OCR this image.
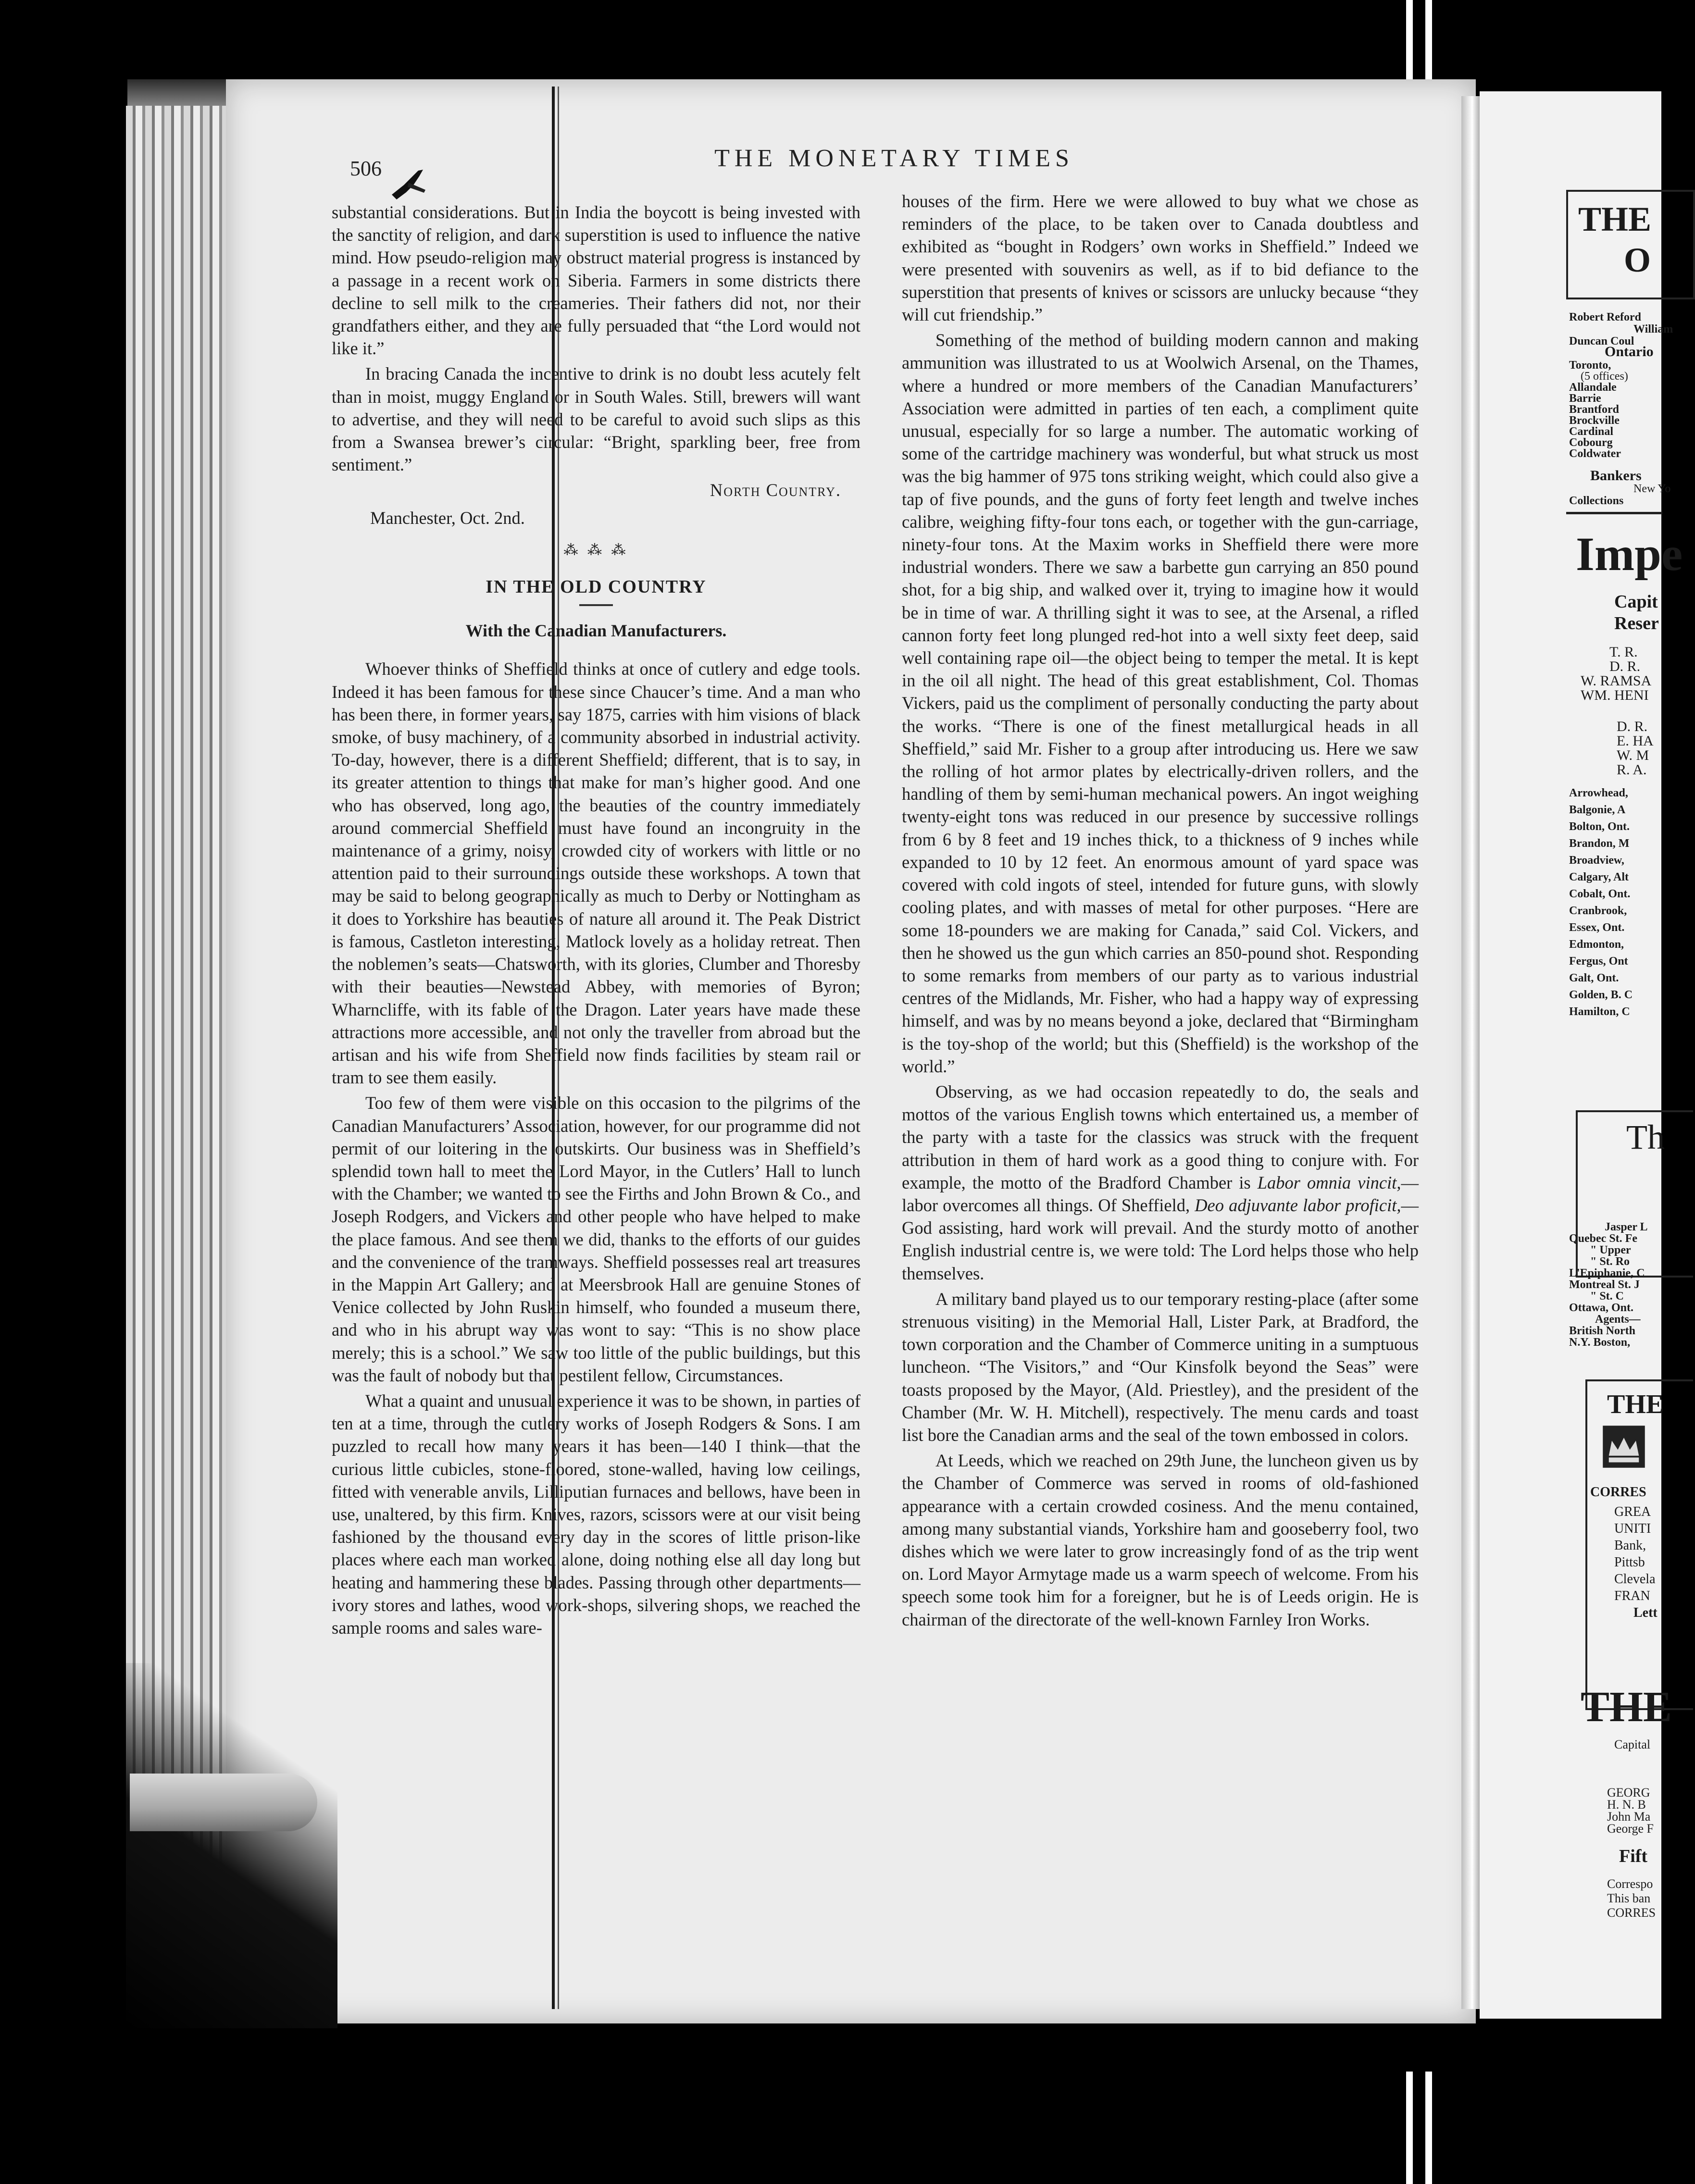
506	THE MONETARY TIMES

substantial considerations. But in India the boycott is being invested with the sanctity of religion, and dark superstition is used to influence the native mind. How pseudo-religion may obstruct material progress is instanced by a passage in a recent work on Siberia. Farmers in some districts there decline to sell milk to the creameries. Their fathers did not, nor their grandfathers either, and they are fully persuaded that “the Lord would not like it.”

In bracing Canada the incentive to drink is no doubt less acutely felt than in moist, muggy England or in South Wales. Still, brewers will want to advertise, and they will need to be careful to avoid such slips as this from a Swansea brewer’s circular: “Bright, sparkling beer, free from sentiment.”

North Country.
Manchester, Oct. 2nd.
⁂ ⁂ ⁂
IN THE OLD COUNTRY
With the Canadian Manufacturers.

Whoever thinks of Sheffield thinks at once of cutlery and edge tools. Indeed it has been famous for these since Chaucer’s time. And a man who has been there, in former years, say 1875, carries with him visions of black smoke, of busy machinery, of a community absorbed in industrial activity. To-day, however, there is a different Sheffield; different, that is to say, in its greater attention to things that make for man’s higher good. And one who has observed, long ago, the beauties of the country immediately around commercial Sheffield must have found an incongruity in the maintenance of a grimy, noisy, crowded city of workers with little or no attention paid to their surroundings outside these workshops. A town that may be said to belong geographically as much to Derby or Nottingham as it does to Yorkshire has beauties of nature all around it. The Peak District is famous, Castleton interesting, Matlock lovely as a holiday retreat. Then the noblemen’s seats—Chatsworth, with its glories, Clumber and Thoresby with their beauties—Newstead Abbey, with memories of Byron; Wharncliffe, with its fable of the Dragon. Later years have made these attractions more accessible, and not only the traveller from abroad but the artisan and his wife from Sheffield now finds facilities by steam rail or tram to see them easily.

Too few of them were visible on this occasion to the pilgrims of the Canadian Manufacturers’ Association, however, for our programme did not permit of our loitering in the outskirts. Our business was in Sheffield’s splendid town hall to meet the Lord Mayor, in the Cutlers’ Hall to lunch with the Chamber; we wanted to see the Firths and John Brown & Co., and Joseph Rodgers, and Vickers and other people who have helped to make the place famous. And see them we did, thanks to the efforts of our guides and the convenience of the tramways. Sheffield possesses real art treasures in the Mappin Art Gallery; and at Meersbrook Hall are genuine Stones of Venice collected by John Ruskin himself, who founded a museum there, and who in his abrupt way was wont to say: “This is no show place merely; this is a school.” We saw too little of the public buildings, but this was the fault of nobody but that pestilent fellow, Circumstances.

What a quaint and unusual experience it was to be shown, in parties of ten at a time, through the cutlery works of Joseph Rodgers & Sons. I am puzzled to recall how many years it has been—140 I think—that the curious little cubicles, stone-floored, stone-walled, having low ceilings, fitted with venerable anvils, Lilliputian furnaces and bellows, have been in use, unaltered, by this firm. Knives, razors, scissors were at our visit being fashioned by the thousand every day in the scores of little prison-like places where each man worked alone, doing nothing else all day long but heating and hammering these blades. Passing through other departments—ivory stores and lathes, wood work-shops, silvering shops, we reached the sample rooms and sales ware-

houses of the firm. Here we were allowed to buy what we chose as reminders of the place, to be taken over to Canada doubtless and exhibited as “bought in Rodgers’ own works in Sheffield.” Indeed we were presented with souvenirs as well, as if to bid defiance to the superstition that presents of knives or scissors are unlucky because “they will cut friendship.”

Something of the method of building modern cannon and making ammunition was illustrated to us at Woolwich Arsenal, on the Thames, where a hundred or more members of the Canadian Manufacturers’ Association were admitted in parties of ten each, a compliment quite unusual, especially for so large a number. The automatic working of some of the cartridge machinery was wonderful, but what struck us most was the big hammer of 975 tons striking weight, which could also give a tap of five pounds, and the guns of forty feet length and twelve inches calibre, weighing fifty-four tons each, or together with the gun-carriage, ninety-four tons. At the Maxim works in Sheffield there were more industrial wonders. There we saw a barbette gun carrying an 850 pound shot, for a big ship, and walked over it, trying to imagine how it would be in time of war. A thrilling sight it was to see, at the Arsenal, a rifled cannon forty feet long plunged red-hot into a well sixty feet deep, said well containing rape oil—the object being to temper the metal. It is kept in the oil all night. The head of this great establishment, Col. Thomas Vickers, paid us the compliment of personally conducting the party about the works. “There is one of the finest metallurgical heads in all Sheffield,” said Mr. Fisher to a group after introducing us. Here we saw the rolling of hot armor plates by electrically-driven rollers, and the handling of them by semi-human mechanical powers. An ingot weighing twenty-eight tons was reduced in our presence by successive rollings from 6 by 8 feet and 19 inches thick, to a thickness of 9 inches while expanded to 10 by 12 feet. An enormous amount of yard space was covered with cold ingots of steel, intended for future guns, with slowly cooling plates, and with masses of metal for other purposes. “Here are some 18-pounders we are making for Canada,” said Col. Vickers, and then he showed us the gun which carries an 850-pound shot. Responding to some remarks from members of our party as to various industrial centres of the Midlands, Mr. Fisher, who had a happy way of expressing himself, and was by no means beyond a joke, declared that “Birmingham is the toy-shop of the world; but this (Sheffield) is the workshop of the world.”

Observing, as we had occasion repeatedly to do, the seals and mottos of the various English towns which entertained us, a member of the party with a taste for the classics was struck with the frequent attribution in them of hard work as a good thing to conjure with. For example, the motto of the Bradford Chamber is Labor omnia vincit,—labor overcomes all things. Of Sheffield, Deo adjuvante labor proficit,—God assisting, hard work will prevail. And the sturdy motto of another English industrial centre is, we were told: The Lord helps those who help themselves.

A military band played us to our temporary resting-place (after some strenuous visiting) in the Memorial Hall, Lister Park, at Bradford, the town corporation and the Chamber of Commerce uniting in a sumptuous luncheon. “The Visitors,” and “Our Kinsfolk beyond the Seas” were toasts proposed by the Mayor, (Ald. Priestley), and the president of the Chamber (Mr. W. H. Mitchell), respectively. The menu cards and toast list bore the Canadian arms and the seal of the town embossed in colors.

At Leeds, which we reached on 29th June, the luncheon given us by the Chamber of Commerce was served in rooms of old-fashioned appearance with a certain crowded cosiness. And the menu contained, among many substantial viands, Yorkshire ham and gooseberry fool, two dishes which we were later to grow increasingly fond of as the trip went on. Lord Mayor Armytage made us a warm speech of welcome. From his speech some took him for a foreigner, but he is of Leeds origin. He is chairman of the directorate of the well-known Farnley Iron Works.

THE
O
Robert Reford
William
Duncan Coul
Ontario
Toronto,
(5 offices)
Allandale
Barrie
Brantford
Brockville
Cardinal
Cobourg
Coldwater
Bankers
New Yo
Collections
Impe
Capit
Reser
T. R.
D. R.
W. RAMSA
WM. HENI
D. R.
E. HA
W. M
R. A.
Arrowhead,
Balgonie, A
Bolton, Ont.
Brandon, M
Broadview,
Calgary, Alt
Cobalt, Ont.
Cranbrook,
Essex, Ont.
Edmonton,
Fergus, Ont
Galt, Ont.
Golden, B. C
Hamilton, C
Th
Jasper L
Quebec St. Fe
" Upper
" St. Ro
L'Epiphanie, C
Montreal St. J
" St. C
Ottawa, Ont.
Agents—
British North
N.Y. Boston,
THE
CORRES
GREA
UNITI
Bank,
Pittsb
Clevela
FRAN
Lett
THE
Capital
GEORG
H. N. B
John Ma
George F
Fift
Correspo
This ban
CORRES
